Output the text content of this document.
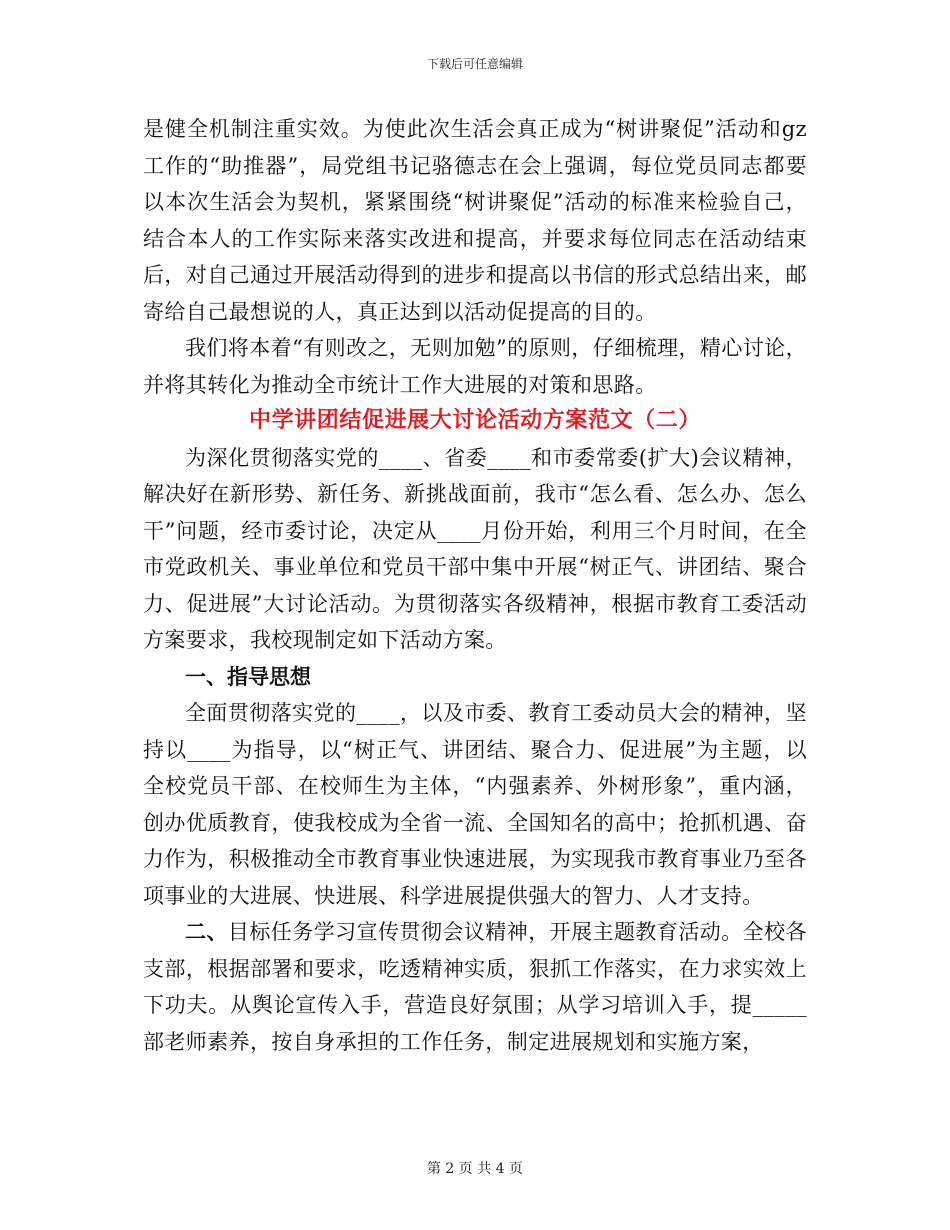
下载后可任意编辑

是健全机制注重实效。为使此次生活会真正成为“树讲聚促”活动和gz工作的“助推器”，局党组书记骆德志在会上强调，每位党员同志都要以本次生活会为契机，紧紧围绕“树讲聚促”活动的标准来检验自己，结合本人的工作实际来落实改进和提高，并要求每位同志在活动结束后，对自己通过开展活动得到的进步和提高以书信的形式总结出来，邮寄给自己最想说的人，真正达到以活动促提高的目的。

我们将本着“有则改之，无则加勉”的原则，仔细梳理，精心讨论，并将其转化为推动全市统计工作大进展的对策和思路。

中学讲团结促进展大讨论活动方案范文（二）

为深化贯彻落实党的____、省委____和市委常委(扩大)会议精神，解决好在新形势、新任务、新挑战面前，我市“怎么看、怎么办、怎么干”问题，经市委讨论，决定从____月份开始，利用三个月时间，在全市党政机关、事业单位和党员干部中集中开展“树正气、讲团结、聚合力、促进展”大讨论活动。为贯彻落实各级精神，根据市教育工委活动方案要求，我校现制定如下活动方案。

一、指导思想

全面贯彻落实党的____，以及市委、教育工委动员大会的精神，坚持以____为指导，以“树正气、讲团结、聚合力、促进展”为主题，以全校党员干部、在校师生为主体，“内强素养、外树形象”，重内涵，创办优质教育，使我校成为全省一流、全国知名的高中；抢抓机遇、奋力作为，积极推动全市教育事业快速进展，为实现我市教育事业乃至各项事业的大进展、快进展、科学进展提供强大的智力、人才支持。

二、目标任务学习宣传贯彻会议精神，开展主题教育活动。全校各支部，根据部署和要求，吃透精神实质，狠抓工作落实，在力求实效上下功夫。从舆论宣传入手，营造良好氛围；从学习培训入手，提_____部老师素养，按自身承担的工作任务，制定进展规划和实施方案，

第 2 页 共 4 页
